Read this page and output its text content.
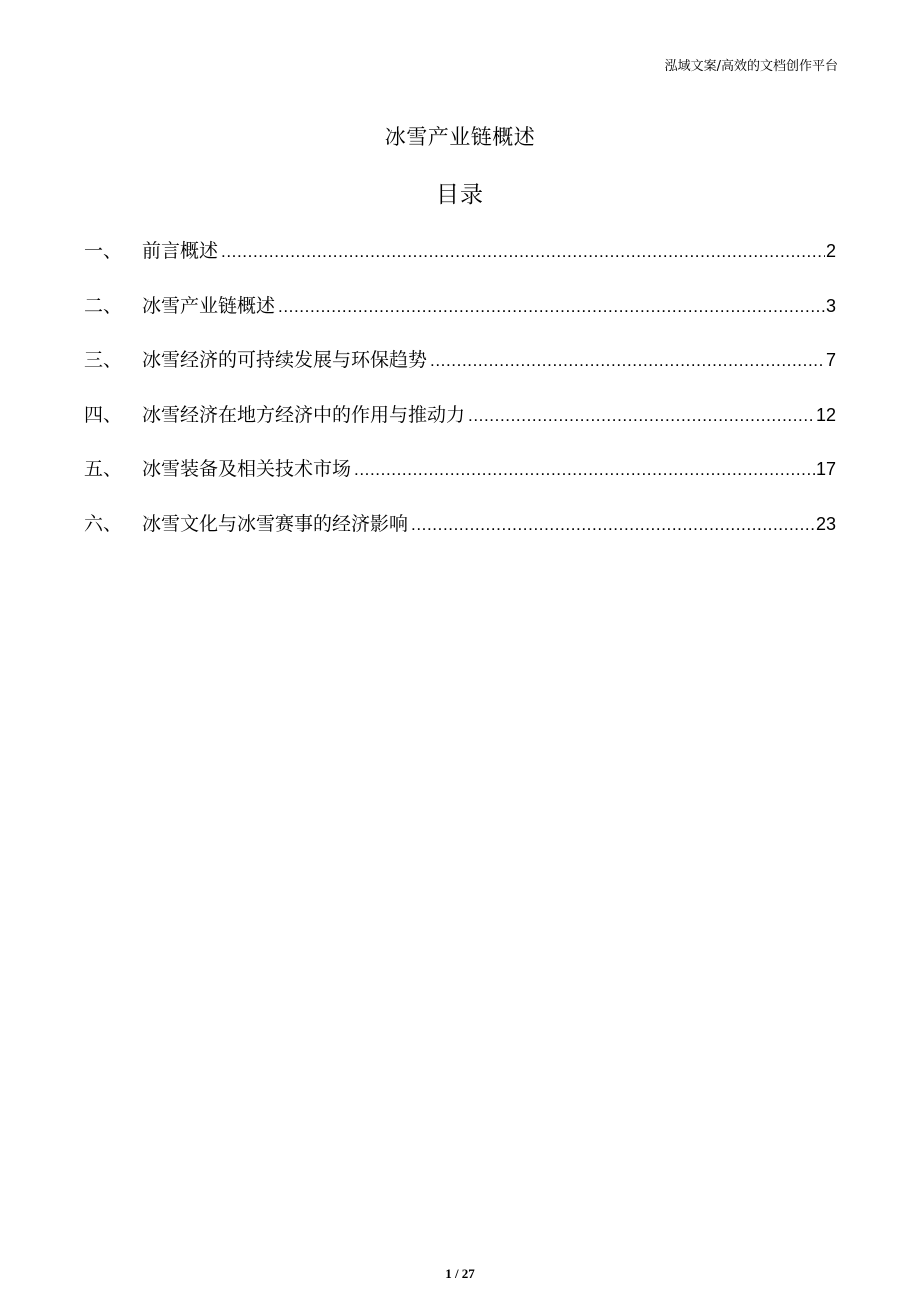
泓域文案/高效的文档创作平台
冰雪产业链概述
目录
一、	前言概述 .....	2
二、	冰雪产业链概述 .....	3
三、	冰雪经济的可持续发展与环保趋势 .....	7
四、	冰雪经济在地方经济中的作用与推动力 .....	12
五、	冰雪装备及相关技术市场 .....	17
六、	冰雪文化与冰雪赛事的经济影响 .....	23
1 / 27
